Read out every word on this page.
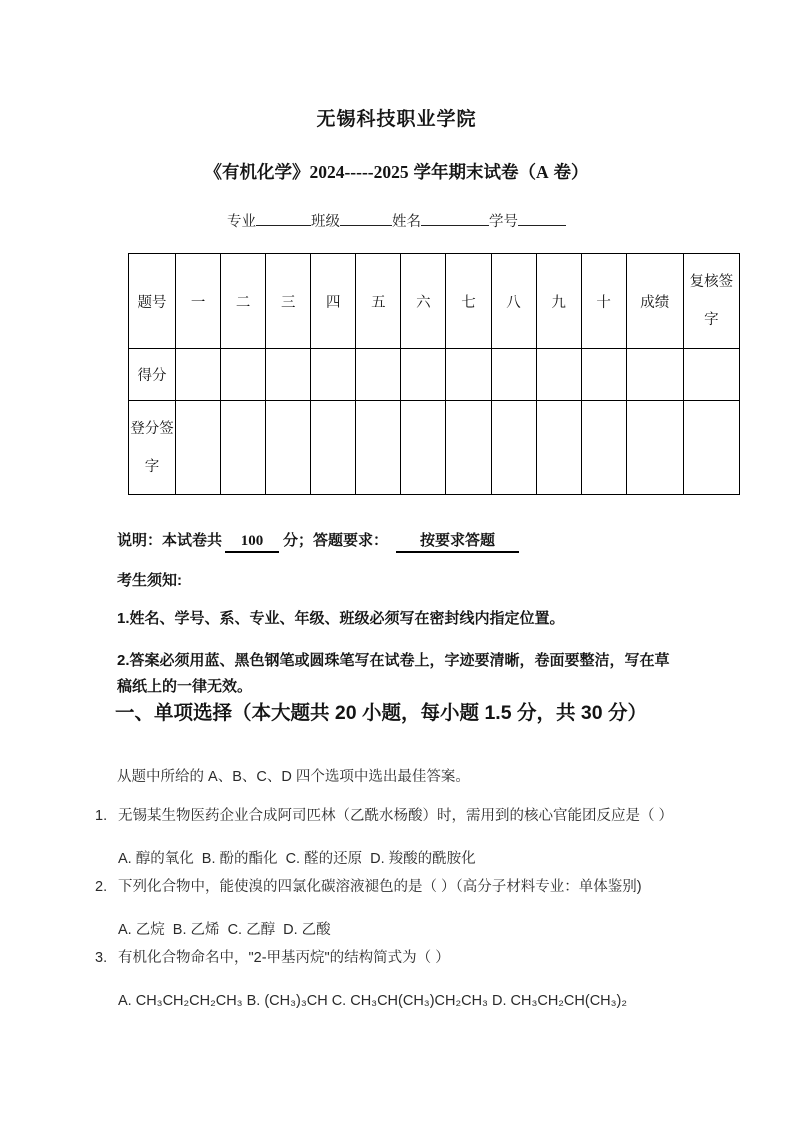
无锡科技职业学院
《有机化学》2024-----2025 学年期末试卷（A 卷）
专业	班级	姓名	学号
题号	一	二	三	四	五	六	七	八	九	十	成绩	复核签字
得分												
登分签字												
说明：本试卷共 100 分；答题要求： 按要求答题
考生须知:
1.姓名、学号、系、专业、年级、班级必须写在密封线内指定位置。
2.答案必须用蓝、黑色钢笔或圆珠笔写在试卷上，字迹要清晰，卷面要整洁，写在草稿纸上的一律无效。
一、单项选择（本大题共 20 小题，每小题 1.5 分，共 30 分）
从题中所给的 A、B、C、D 四个选项中选出最佳答案。
1. 无锡某生物医药企业合成阿司匹林（乙酰水杨酸）时，需用到的核心官能团反应是（ ）
A. 醇的氧化  B. 酚的酯化  C. 醛的还原  D. 羧酸的酰胺化
2. 下列化合物中，能使溴的四氯化碳溶液褪色的是（ ）（高分子材料专业：单体鉴别)
A. 乙烷  B. 乙烯  C. 乙醇  D. 乙酸
3. 有机化合物命名中，"2-甲基丙烷"的结构简式为（ ）
A. CH₃CH₂CH₂CH₃ B. (CH₃)₃CH C. CH₃CH(CH₃)CH₂CH₃ D. CH₃CH₂CH(CH₃)₂
